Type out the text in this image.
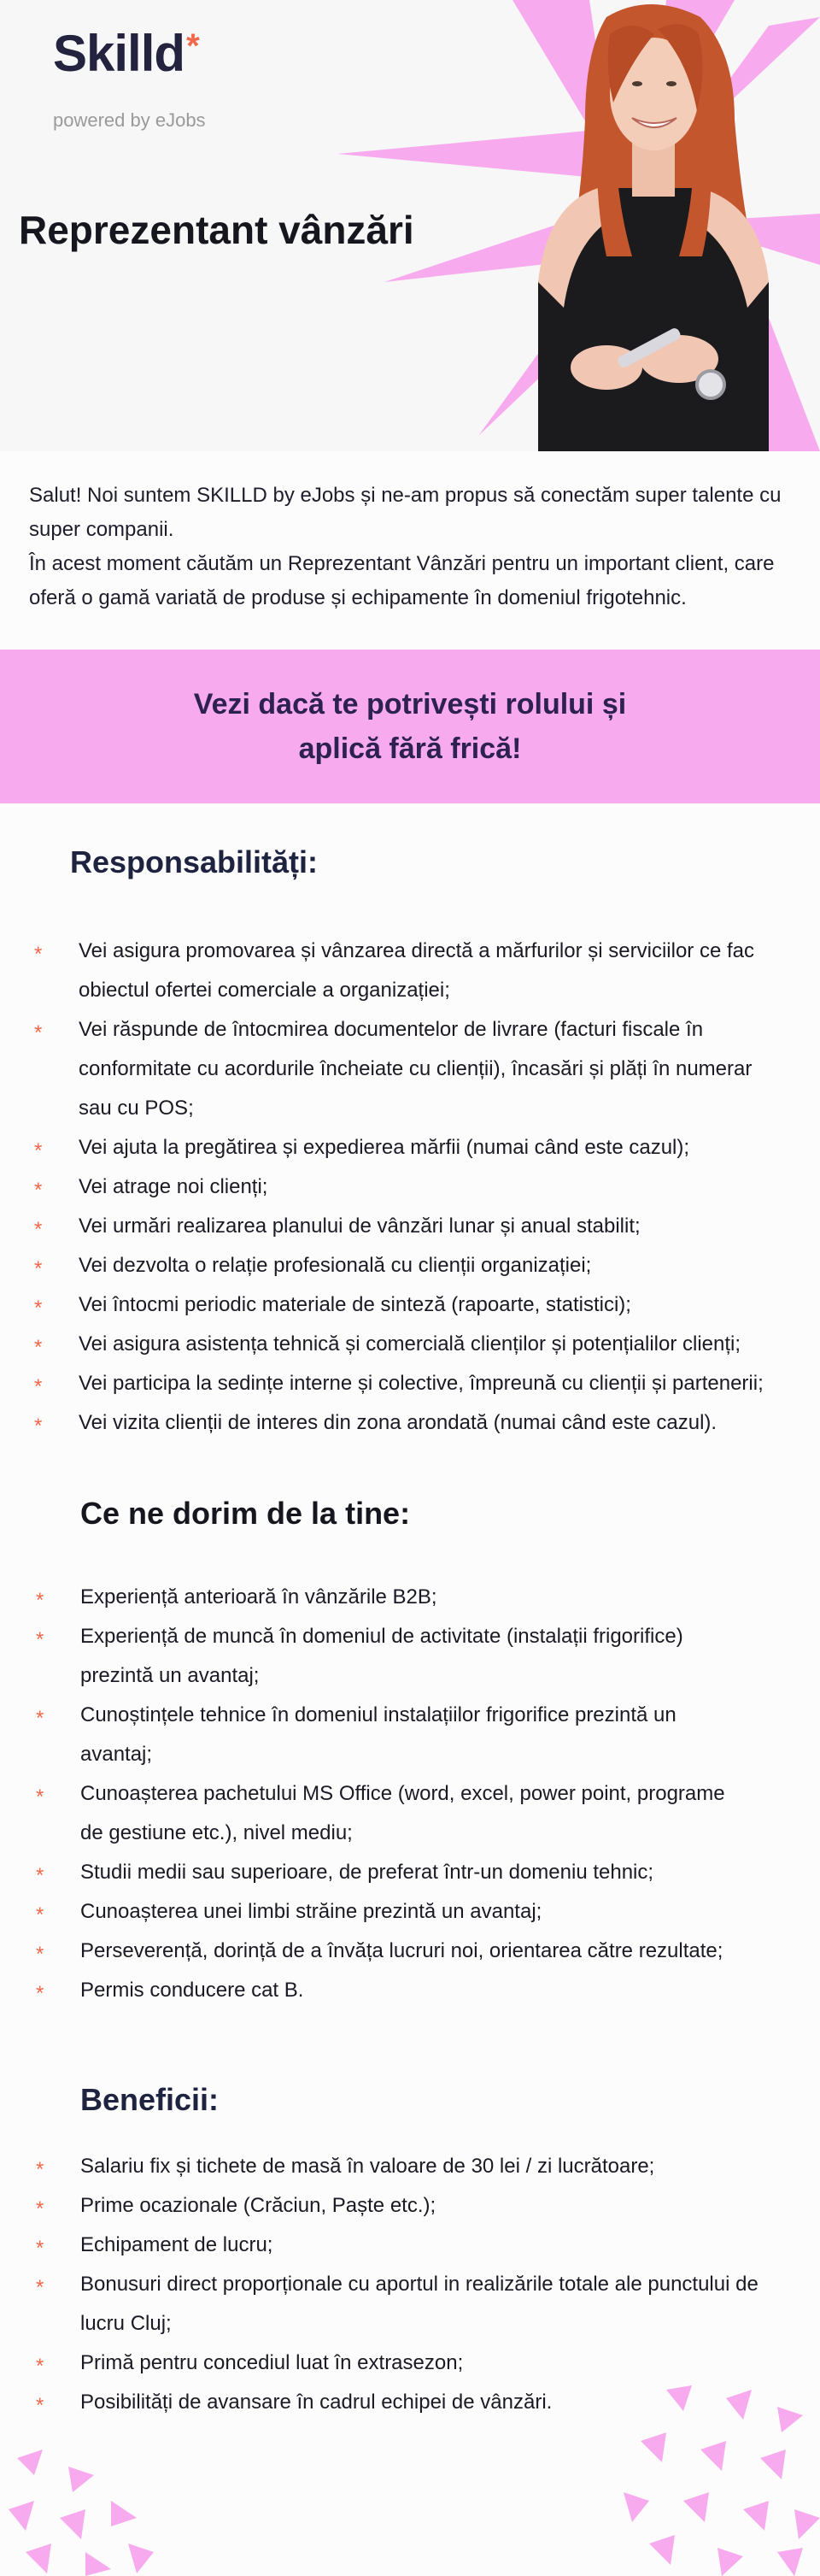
Skilld*
powered by eJobs
Reprezentant vânzări

Salut! Noi suntem SKILLD by eJobs și ne-am propus să conectăm super talente cu super companii.

În acest moment căutăm un Reprezentant Vânzări pentru un important client, care oferă o gamă variată de produse și echipamente în domeniul frigotehnic.

Vezi dacă te potrivești rolului și aplică fără frică!
Responsabilități:
* Vei asigura promovarea și vânzarea directă a mărfurilor și serviciilor ce fac obiectul ofertei comerciale a organizației;
* Vei răspunde de întocmirea documentelor de livrare (facturi fiscale în conformitate cu acordurile încheiate cu clienții), încasări și plăți în numerar sau cu POS;
* Vei ajuta la pregătirea și expedierea mărfii (numai când este cazul);
* Vei atrage noi clienți;
* Vei urmări realizarea planului de vânzări lunar și anual stabilit;
* Vei dezvolta o relație profesională cu clienții organizației;
* Vei întocmi periodic materiale de sinteză (rapoarte, statistici);
* Vei asigura asistența tehnică și comercială clienților și potențialilor clienți;
* Vei participa la sedințe interne și colective, împreună cu clienții și partenerii;
* Vei vizita clienții de interes din zona arondată (numai când este cazul).
Ce ne dorim de la tine:
* Experiență anterioară în vânzările B2B;
* Experiență de muncă în domeniul de activitate (instalații frigorifice) prezintă un avantaj;
* Cunoștințele tehnice în domeniul instalațiilor frigorifice prezintă un avantaj;
* Cunoașterea pachetului MS Office (word, excel, power point, programe de gestiune etc.), nivel mediu;
* Studii medii sau superioare, de preferat într-un domeniu tehnic;
* Cunoașterea unei limbi străine prezintă un avantaj;
* Perseverență, dorință de a învăța lucruri noi, orientarea către rezultate;
* Permis conducere cat B.
Beneficii:
* Salariu fix și tichete de masă în valoare de 30 lei / zi lucrătoare;
* Prime ocazionale (Crăciun, Paște etc.);
* Echipament de lucru;
* Bonusuri direct proporționale cu aportul in realizările totale ale punctului de lucru Cluj;
* Primă pentru concediul luat în extrasezon;
* Posibilități de avansare în cadrul echipei de vânzări.
